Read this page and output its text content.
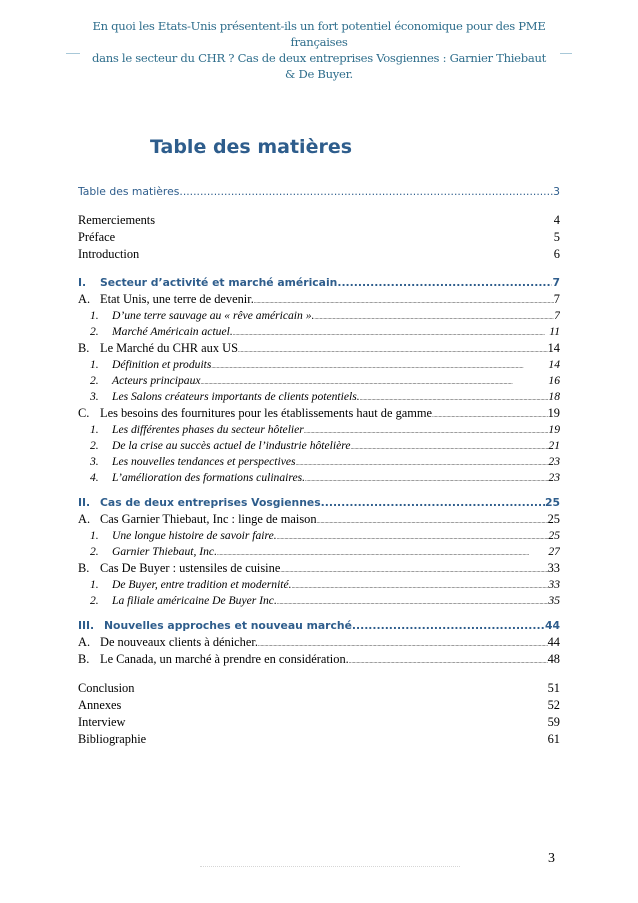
En quoi les Etats-Unis présentent-ils un fort potentiel économique pour des PME françaises
dans le secteur du CHR ? Cas de deux entreprises Vosgiennes : Garnier Thiebaut & De Buyer.
Table des matières
Table des matières .....	3
Remerciements	4
Préface	5
Introduction	6
I. Secteur d’activité et marché américain .....	7
A. Etat Unis, une terre de devenir. .....	7
1. D’une terre sauvage au « rêve américain ». .....	7
2. Marché Américain actuel. .....	11
B. Le Marché du CHR aux US .....	14
1. Définition et produits .....	14
2. Acteurs principaux .....	16
3. Les Salons créateurs importants de clients potentiels. .....	18
C. Les besoins des fournitures pour les établissements haut de gamme .....	19
1. Les différentes phases du secteur hôtelier .....	19
2. De la crise au succès actuel de l’industrie hôtelière .....	21
3. Les nouvelles tendances et perspectives .....	23
4. L’amélioration des formations culinaires. .....	23
II. Cas de deux entreprises Vosgiennes .....	25
A. Cas Garnier Thiebaut, Inc : linge de maison .....	25
1. Une longue histoire de savoir faire. .....	25
2. Garnier Thiebaut, Inc. .....	27
B. Cas De Buyer : ustensiles de cuisine .....	33
1. De Buyer, entre tradition et modernité. .....	33
2. La filiale américaine De Buyer Inc. .....	35
III. Nouvelles approches et nouveau marché. .....	44
A. De nouveaux clients à dénicher. .....	44
B. Le Canada, un marché à prendre en considération. .....	48
Conclusion	51
Annexes	52
Interview	59
Bibliographie	61
3
